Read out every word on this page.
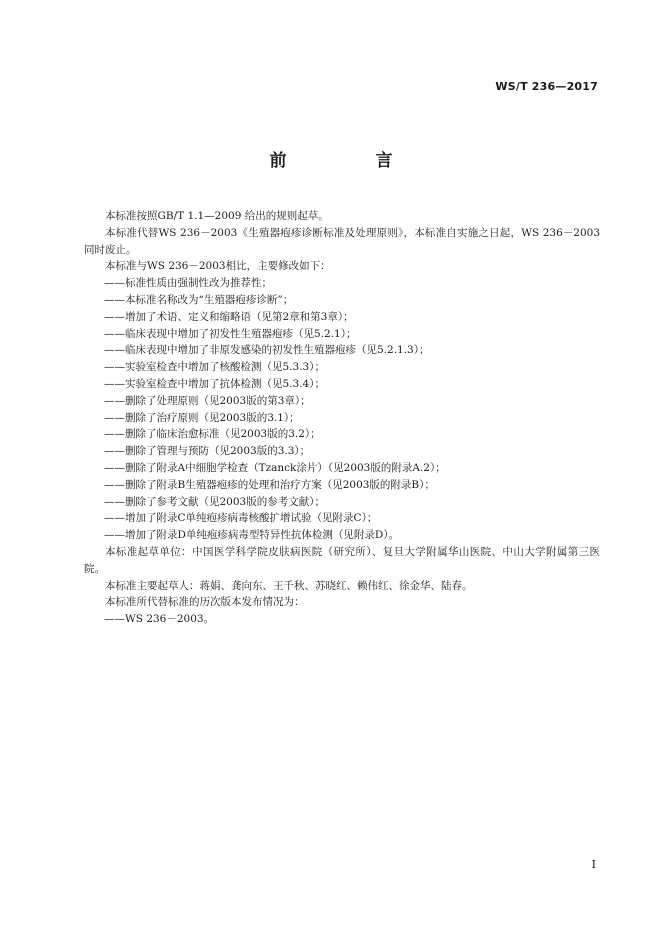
WS/T 236—2017
前　言

本标准按照GB/T 1.1—2009 给出的规则起草。

本标准代替WS 236－2003《生殖器疱疹诊断标准及处理原则》，本标准自实施之日起，WS 236－2003同时废止。

本标准与WS 236－2003相比，主要修改如下：

——标准性质由强制性改为推荐性；
——本标准名称改为“生殖器疱疹诊断”；
——增加了术语、定义和缩略语（见第2章和第3章）；
——临床表现中增加了初发性生殖器疱疹（见5.2.1）；
——临床表现中增加了非原发感染的初发性生殖器疱疹（见5.2.1.3）；
——实验室检查中增加了核酸检测（见5.3.3）；
——实验室检查中增加了抗体检测（见5.3.4）；
——删除了处理原则（见2003版的第3章）；
——删除了治疗原则（见2003版的3.1）；
——删除了临床治愈标准（见2003版的3.2）；
——删除了管理与预防（见2003版的3.3）；
——删除了附录A中细胞学检查（Tzanck涂片）（见2003版的附录A.2）；
——删除了附录B生殖器疱疹的处理和治疗方案（见2003版的附录B）；
——删除了参考文献（见2003版的参考文献）；
——增加了附录C单纯疱疹病毒核酸扩增试验（见附录C）；
——增加了附录D单纯疱疹病毒型特异性抗体检测（见附录D）。

本标准起草单位：中国医学科学院皮肤病医院（研究所）、复旦大学附属华山医院、中山大学附属第三医院。

本标准主要起草人：蒋娟、龚向东、王千秋、苏晓红、赖伟红、徐金华、陆春。

本标准所代替标准的历次版本发布情况为：

——WS 236－2003。
I
